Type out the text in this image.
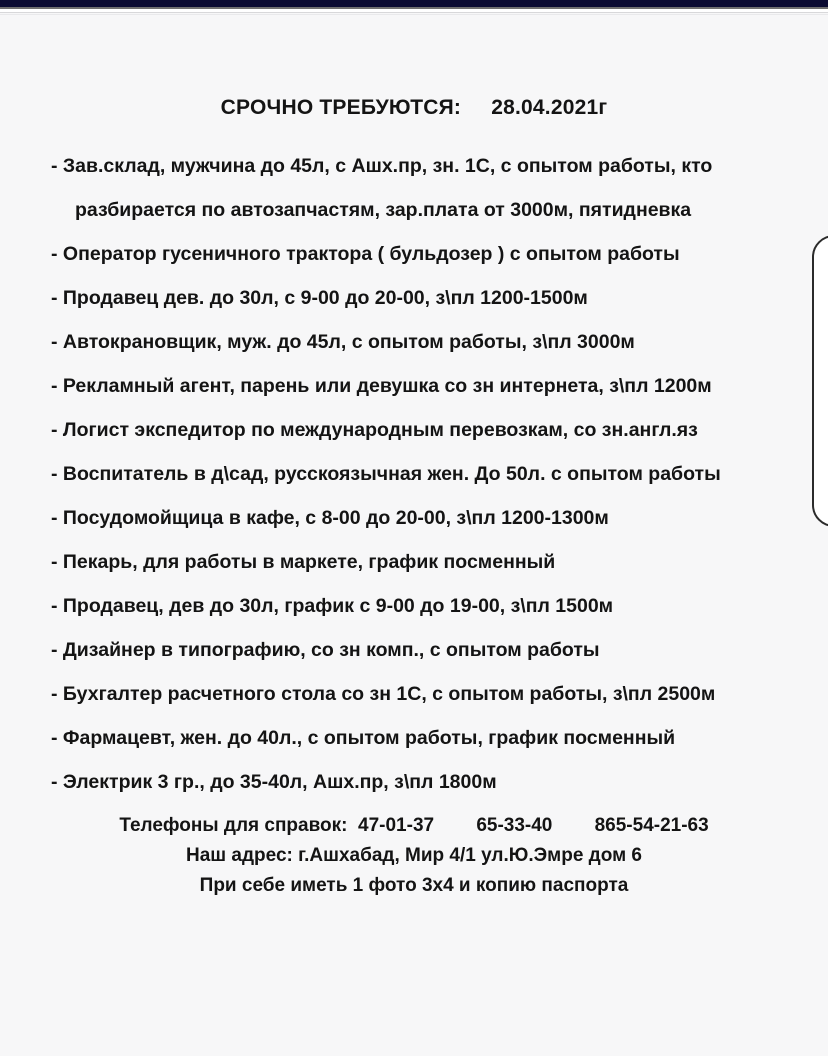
СРОЧНО ТРЕБУЮТСЯ:     28.04.2021г
- Зав.склад, мужчина до 45л, с Ашх.пр, зн. 1С, с опытом работы, кто
разбирается по автозапчастям, зар.плата от 3000м, пятидневка
- Оператор гусеничного трактора ( бульдозер ) с опытом работы
- Продавец дев. до 30л, с 9-00 до 20-00, з\пл 1200-1500м
- Автокрановщик, муж. до 45л, с опытом работы, з\пл 3000м
- Рекламный агент, парень или девушка со зн интернета, з\пл 1200м
- Логист экспедитор по международным перевозкам, со зн.англ.яз
- Воспитатель в д\сад, русскоязычная жен. До 50л. с опытом работы
- Посудомойщица в кафе, с 8-00 до 20-00, з\пл 1200-1300м
- Пекарь, для работы в маркете, график посменный
- Продавец, дев до 30л, график с 9-00 до 19-00, з\пл 1500м
- Дизайнер в типографию, со зн комп., с опытом работы
- Бухгалтер расчетного стола со зн 1С, с опытом работы, з\пл 2500м
- Фармацевт, жен. до 40л., с опытом работы, график посменный
- Электрик 3 гр., до 35-40л, Ашх.пр, з\пл 1800м
Телефоны для справок:  47-01-37        65-33-40        865-54-21-63
Наш адрес: г.Ашхабад, Мир 4/1 ул.Ю.Эмре дом 6
При себе иметь 1 фото 3х4 и копию паспорта
